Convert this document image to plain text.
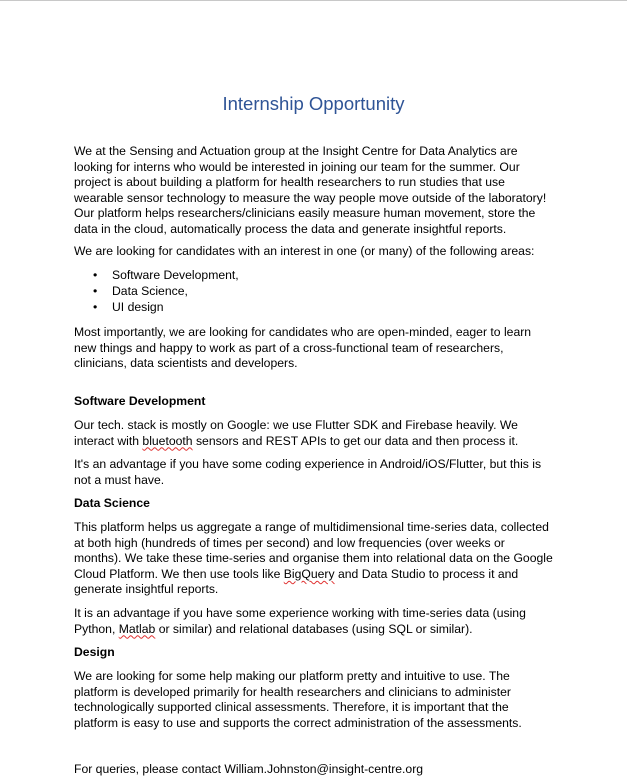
Internship Opportunity

We at the Sensing and Actuation group at the Insight Centre for Data Analytics are looking for interns who would be interested in joining our team for the summer. Our project is about building a platform for health researchers to run studies that use wearable sensor technology to measure the way people move outside of the laboratory! Our platform helps researchers/clinicians easily measure human movement, store the data in the cloud, automatically process the data and generate insightful reports.

We are looking for candidates with an interest in one (or many) of the following areas:

• Software Development,
• Data Science,
• UI design

Most importantly, we are looking for candidates who are open-minded, eager to learn new things and happy to work as part of a cross-functional team of researchers, clinicians, data scientists and developers.

Software Development

Our tech. stack is mostly on Google: we use Flutter SDK and Firebase heavily. We interact with bluetooth sensors and REST APIs to get our data and then process it.

It's an advantage if you have some coding experience in Android/iOS/Flutter, but this is not a must have.

Data Science

This platform helps us aggregate a range of multidimensional time-series data, collected at both high (hundreds of times per second) and low frequencies (over weeks or months). We take these time-series and organise them into relational data on the Google Cloud Platform. We then use tools like BigQuery and Data Studio to process it and generate insightful reports.

It is an advantage if you have some experience working with time-series data (using Python, Matlab or similar) and relational databases (using SQL or similar).

Design

We are looking for some help making our platform pretty and intuitive to use. The platform is developed primarily for health researchers and clinicians to administer technologically supported clinical assessments. Therefore, it is important that the platform is easy to use and supports the correct administration of the assessments.

For queries, please contact William.Johnston@insight-centre.org
